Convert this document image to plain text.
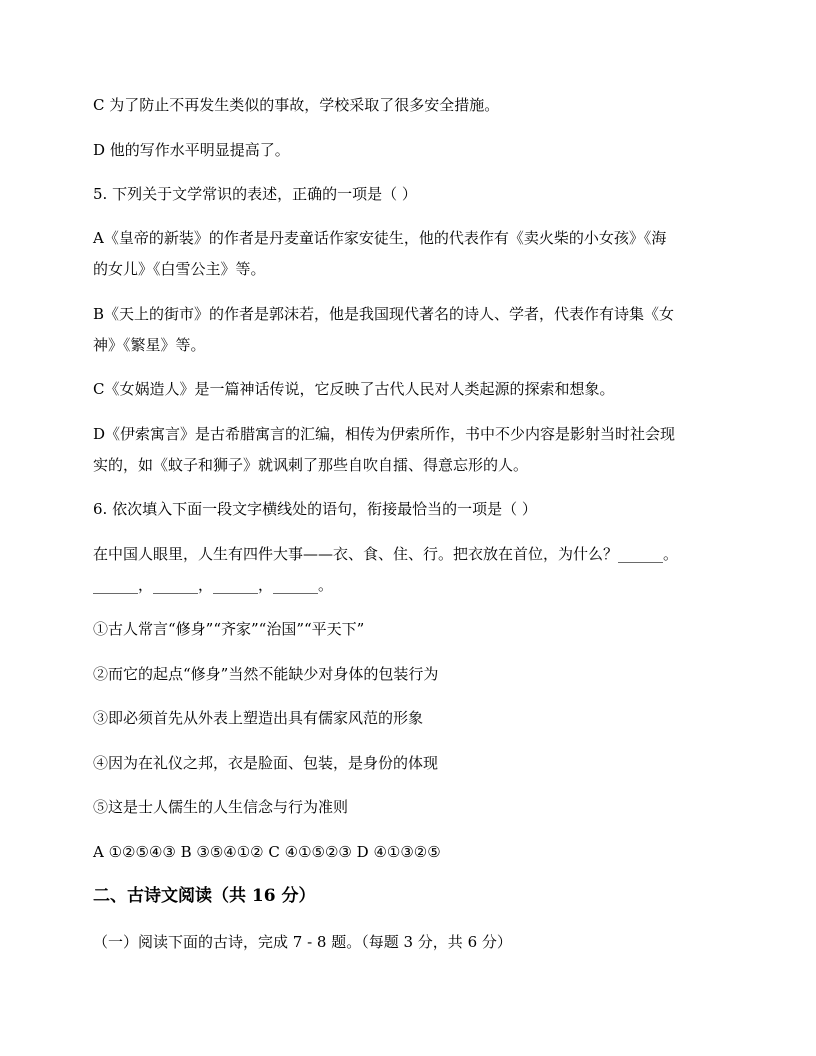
C 为了防止不再发生类似的事故，学校采取了很多安全措施。
D 他的写作水平明显提高了。
5. 下列关于文学常识的表述，正确的一项是（ ）
A《皇帝的新装》的作者是丹麦童话作家安徒生，他的代表作有《卖火柴的小女孩》《海
的女儿》《白雪公主》等。
B《天上的街市》的作者是郭沫若，他是我国现代著名的诗人、学者，代表作有诗集《女
神》《繁星》等。
C《女娲造人》是一篇神话传说，它反映了古代人民对人类起源的探索和想象。
D《伊索寓言》是古希腊寓言的汇编，相传为伊索所作，书中不少内容是影射当时社会现
实的，如《蚊子和狮子》就讽刺了那些自吹自擂、得意忘形的人。
6. 依次填入下面一段文字横线处的语句，衔接最恰当的一项是（ ）
在中国人眼里，人生有四件大事——衣、食、住、行。把衣放在首位，为什么？______。
______，______，______，______。
①古人常言“修身”“齐家”“治国”“平天下”
②而它的起点“修身”当然不能缺少对身体的包装行为
③即必须首先从外表上塑造出具有儒家风范的形象
④因为在礼仪之邦，衣是脸面、包装，是身份的体现
⑤这是士人儒生的人生信念与行为准则
A ①②⑤④③ B ③⑤④①② C ④①⑤②③ D ④①③②⑤
二、古诗文阅读（共 16 分）
（一）阅读下面的古诗，完成 7 - 8 题。（每题 3 分，共 6 分）
